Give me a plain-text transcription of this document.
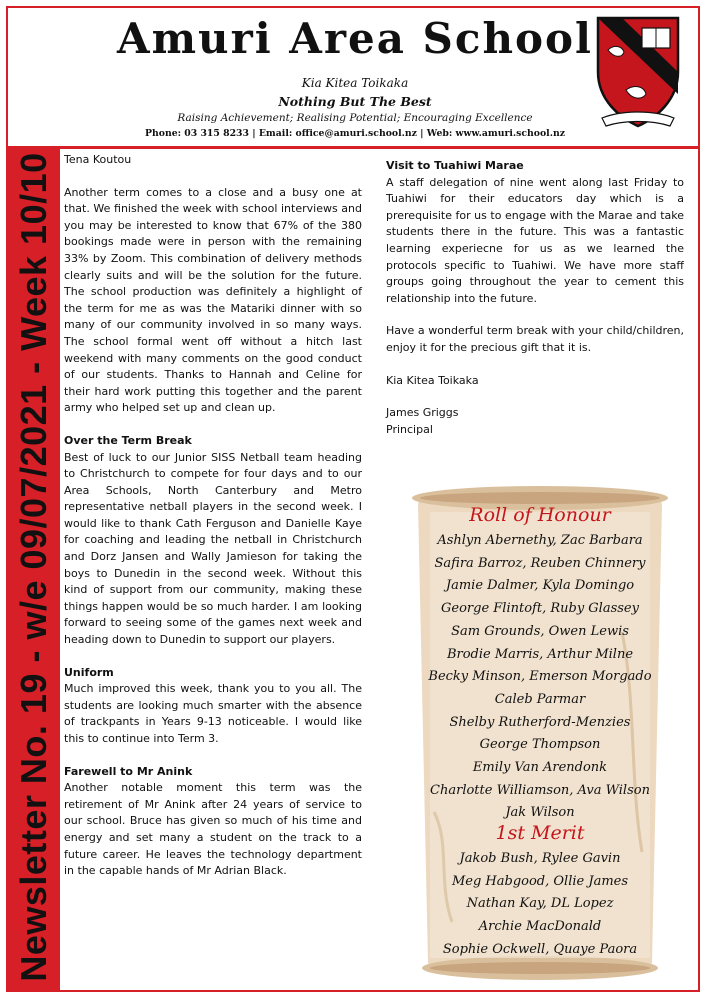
Newsletter No. 19 - w/e 09/07/2021 - Week 10/10
Amuri Area School
Kia Kitea Toikaka
Nothing But The Best
Raising Achievement; Realising Potential; Encouraging Excellence
Phone: 03 315 8233 | Email: office@amuri.school.nz | Web: www.amuri.school.nz

Tena Koutou

Another term comes to a close and a busy one at that. We finished the week with school interviews and you may be interested to know that 67% of the 380 bookings made were in person with the remaining 33% by Zoom. This combination of delivery methods clearly suits and will be the solution for the future. The school production was definitely a highlight of the term for me as was the Matariki dinner with so many of our community involved in so many ways. The school formal went off without a hitch last weekend with many comments on the good conduct of our students. Thanks to Hannah and Celine for their hard work putting this together and the parent army who helped set up and clean up.

Over the Term Break

Best of luck to our Junior SISS Netball team heading to Christchurch to compete for four days and to our Area Schools, North Canterbury and Metro representative netball players in the second week. I would like to thank Cath Ferguson and Danielle Kaye for coaching and leading the netball in Christchurch and Dorz Jansen and Wally Jamieson for taking the boys to Dunedin in the second week. Without this kind of support from our community, making these things happen would be so much harder. I am looking forward to seeing some of the games next week and heading down to Dunedin to support our players.

Uniform

Much improved this week, thank you to you all. The students are looking much smarter with the absence of trackpants in Years 9-13 noticeable. I would like this to continue into Term 3.

Farewell to Mr Anink

Another notable moment this term was the retirement of Mr Anink after 24 years of service to our school. Bruce has given so much of his time and energy and set many a student on the track to a future career. He leaves the technology department in the capable hands of Mr Adrian Black.

Visit to Tuahiwi Marae

A staff delegation of nine went along last Friday to Tuahiwi for their educators day which is a prerequisite for us to engage with the Marae and take students there in the future. This was a fantastic learning experiecne for us as we learned the protocols specific to Tuahiwi. We have more staff groups going throughout the year to cement this relationship into the future.

Have a wonderful term break with your child/children, enjoy it for the precious gift that it is.

Kia Kitea Toikaka

James Griggs
Principal
Roll of Honour
Ashlyn Abernethy, Zac Barbara
Safira Barroz, Reuben Chinnery
Jamie Dalmer, Kyla Domingo
George Flintoft, Ruby Glassey
Sam Grounds, Owen Lewis
Brodie Marris, Arthur Milne
Becky Minson, Emerson Morgado
Caleb Parmar
Shelby Rutherford-Menzies
George Thompson
Emily Van Arendonk
Charlotte Williamson, Ava Wilson
Jak Wilson
1st Merit
Jakob Bush, Rylee Gavin
Meg Habgood, Ollie James
Nathan Kay, DL Lopez
Archie MacDonald
Sophie Ockwell, Quaye Paora
